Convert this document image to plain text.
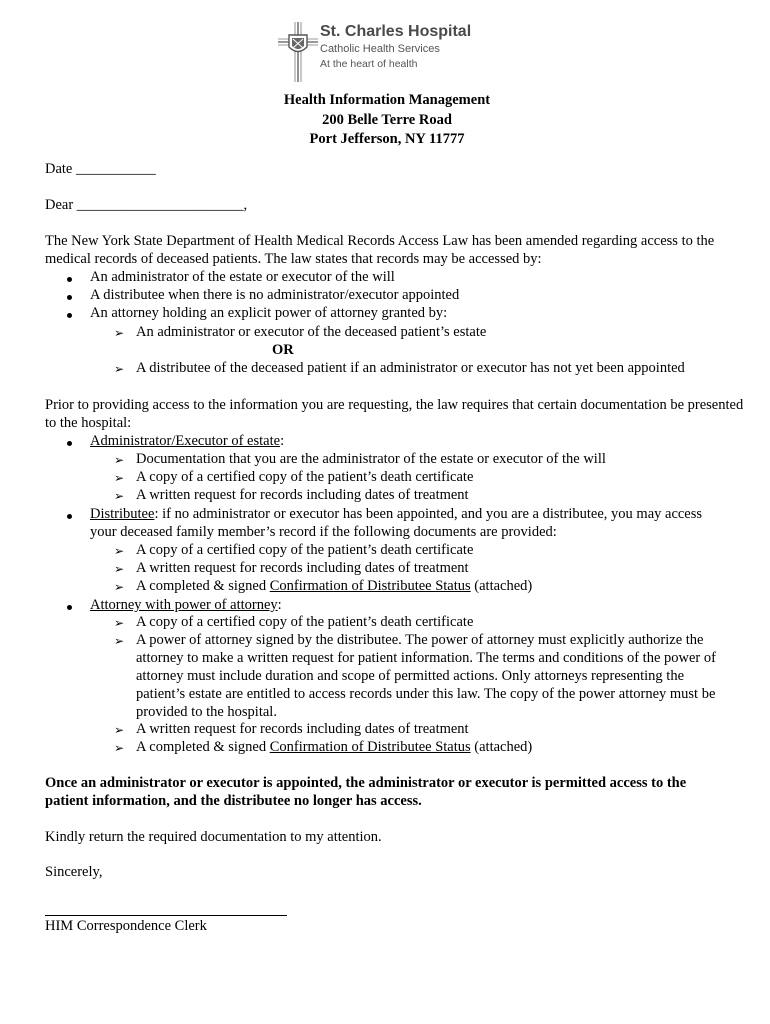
St. Charles Hospital
Catholic Health Services
At the heart of health
Health Information Management
200 Belle Terre Road
Port Jefferson, NY 11777
Date ___________
Dear _______________________,
The New York State Department of Health Medical Records Access Law has been amended regarding access to the medical records of deceased patients. The law states that records may be accessed by:
An administrator of the estate or executor of the will
A distributee when there is no administrator/executor appointed
An attorney holding an explicit power of attorney granted by:
➢ An administrator or executor of the deceased patient’s estate
OR
➢ A distributee of the deceased patient if an administrator or executor has not yet been appointed
Prior to providing access to the information you are requesting, the law requires that certain documentation be presented to the hospital:
Administrator/Executor of estate:
➢ Documentation that you are the administrator of the estate or executor of the will
➢ A copy of a certified copy of the patient’s death certificate
➢ A written request for records including dates of treatment
Distributee: if no administrator or executor has been appointed, and you are a distributee, you may access
your deceased family member’s record if the following documents are provided:
➢ A copy of a certified copy of the patient’s death certificate
➢ A written request for records including dates of treatment
➢ A completed & signed Confirmation of Distributee Status (attached)
Attorney with power of attorney:
➢ A copy of a certified copy of the patient’s death certificate
➢ A power of attorney signed by the distributee. The power of attorney must explicitly authorize the
attorney to make a written request for patient information. The terms and conditions of the power of
attorney must include duration and scope of permitted actions. Only attorneys representing the
patient’s estate are entitled to access records under this law. The copy of the power attorney must be
provided to the hospital.
➢ A written request for records including dates of treatment
➢ A completed & signed Confirmation of Distributee Status (attached)
Once an administrator or executor is appointed, the administrator or executor is permitted access to the
patient information, and the distributee no longer has access.
Kindly return the required documentation to my attention.
Sincerely,
HIM Correspondence Clerk
